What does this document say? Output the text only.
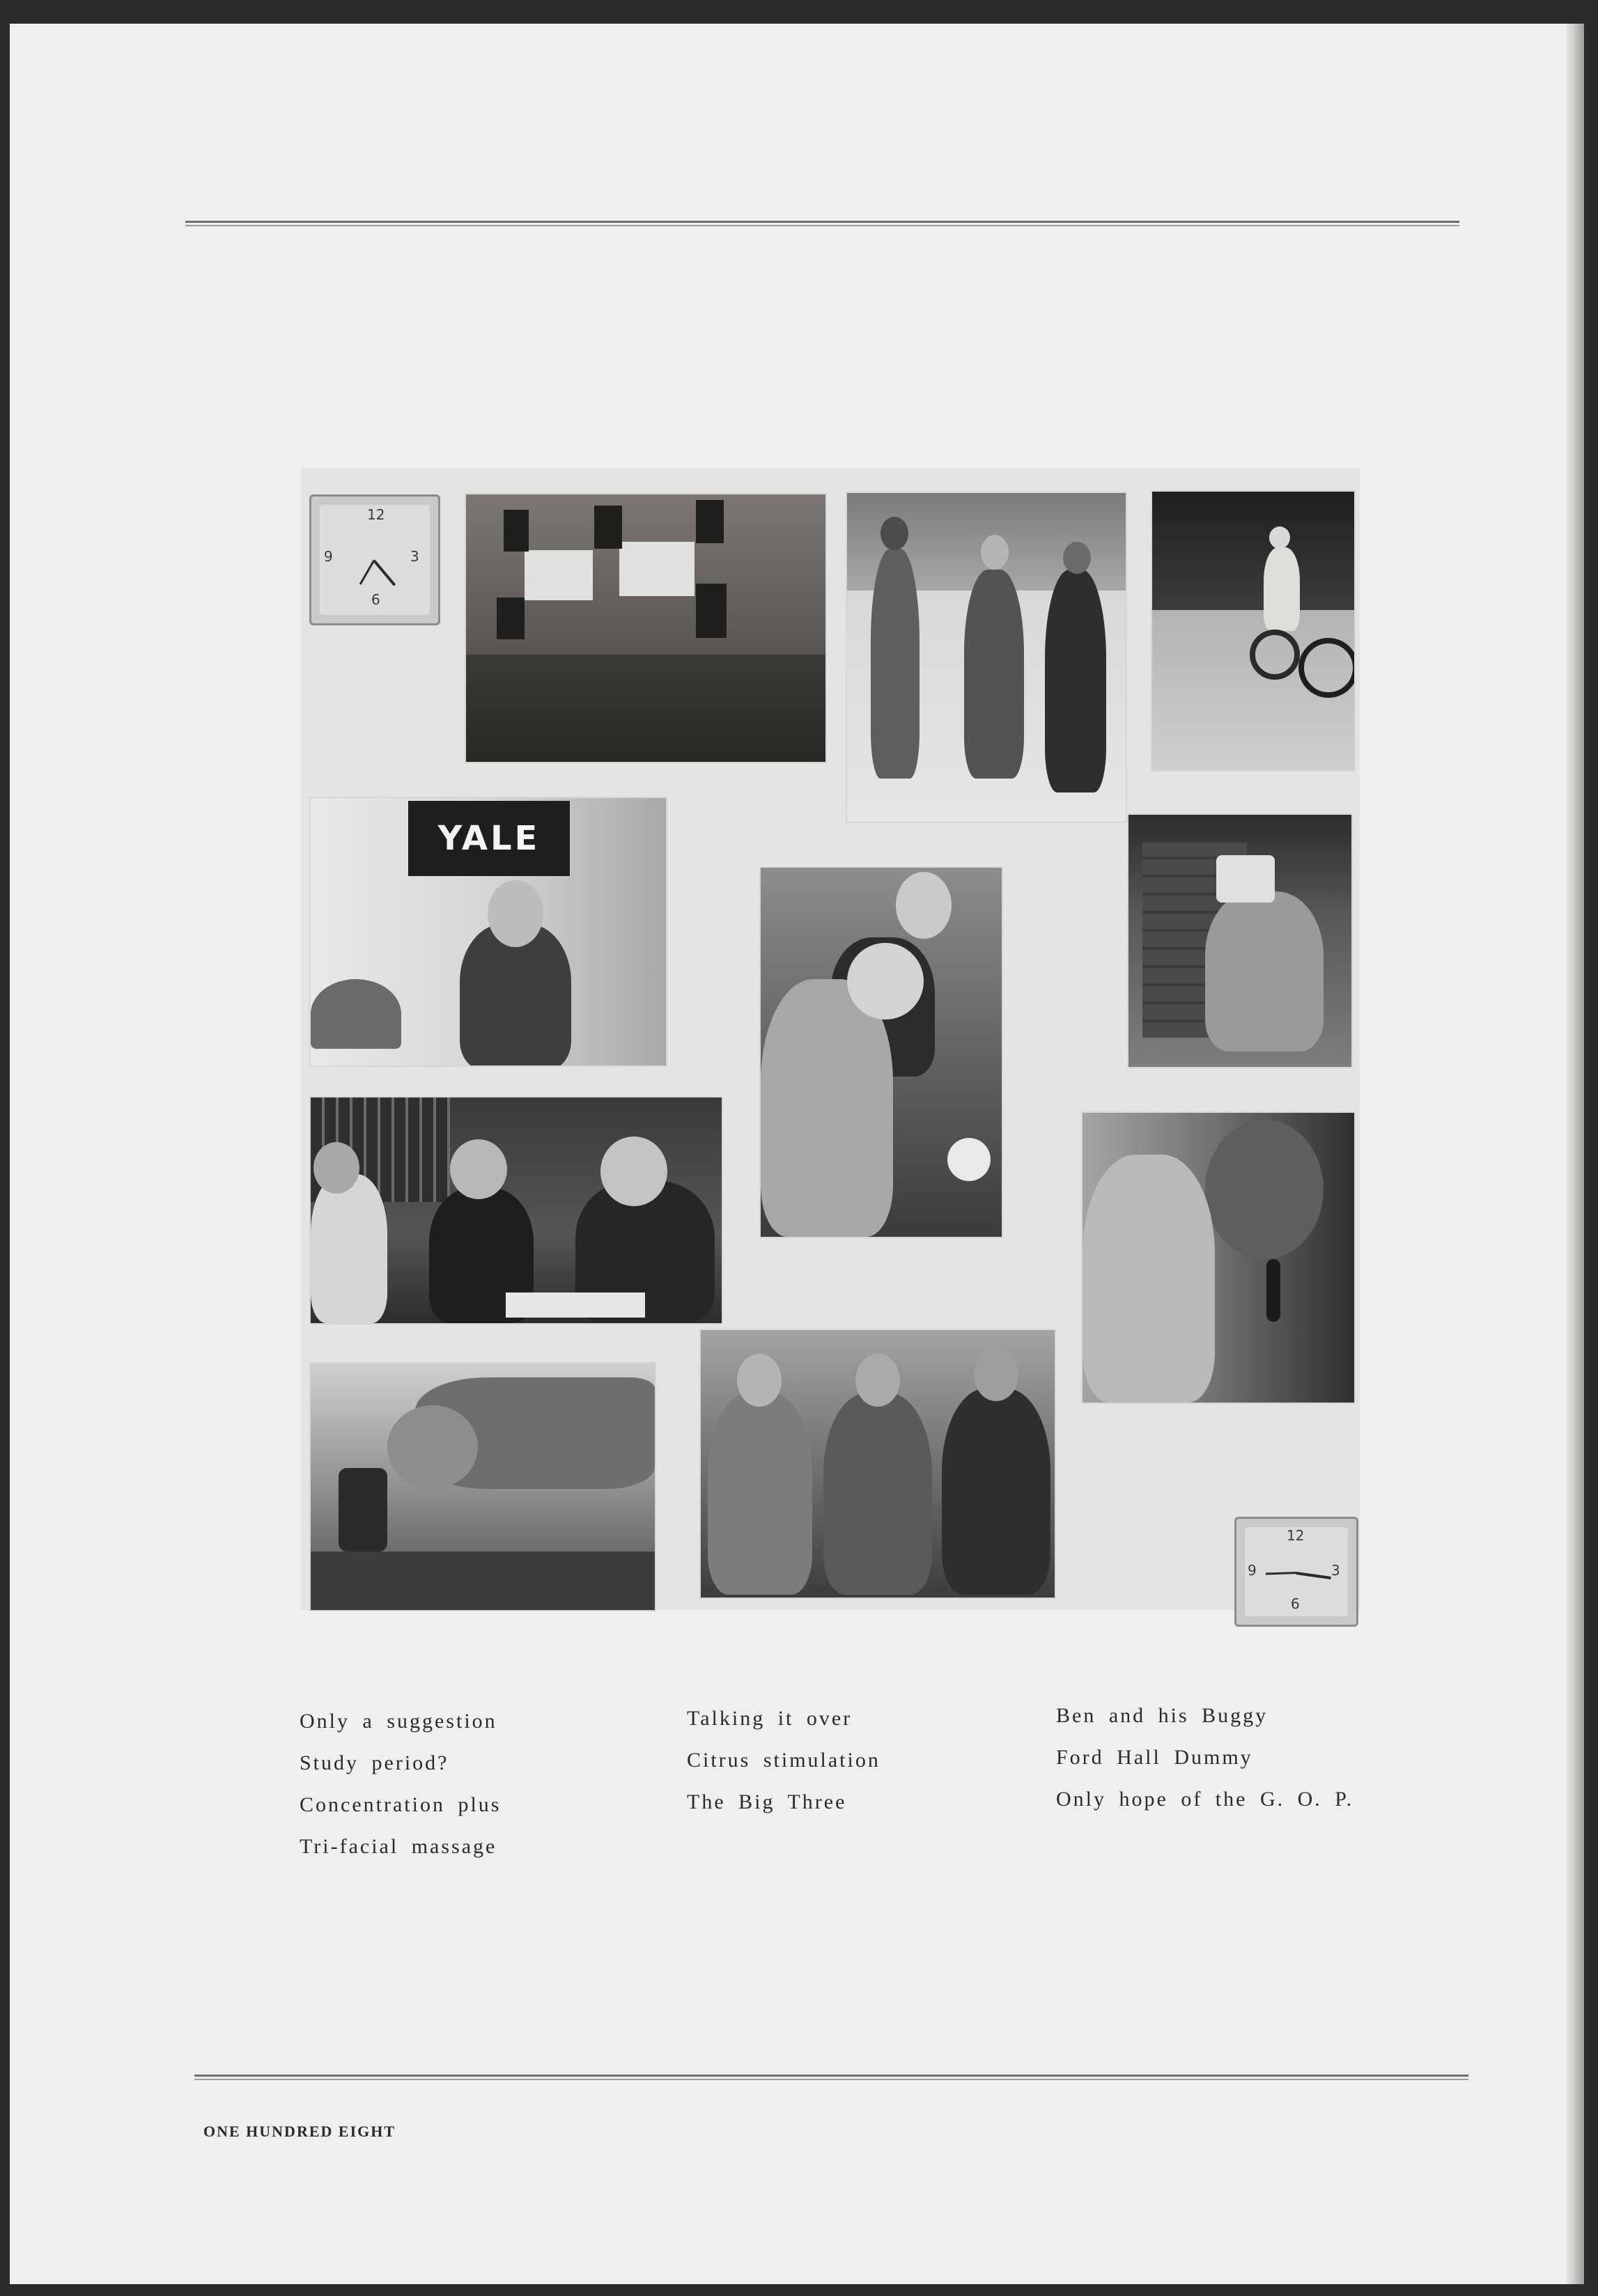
12
3
6
9
YALE
12
3
6
9
Only a suggestion
Study period?
Concentration plus
Tri-facial massage
Talking it over
Citrus stimulation
The Big Three
Ben and his Buggy
Ford Hall Dummy
Only hope of the G. O. P.
ONE HUNDRED EIGHT
